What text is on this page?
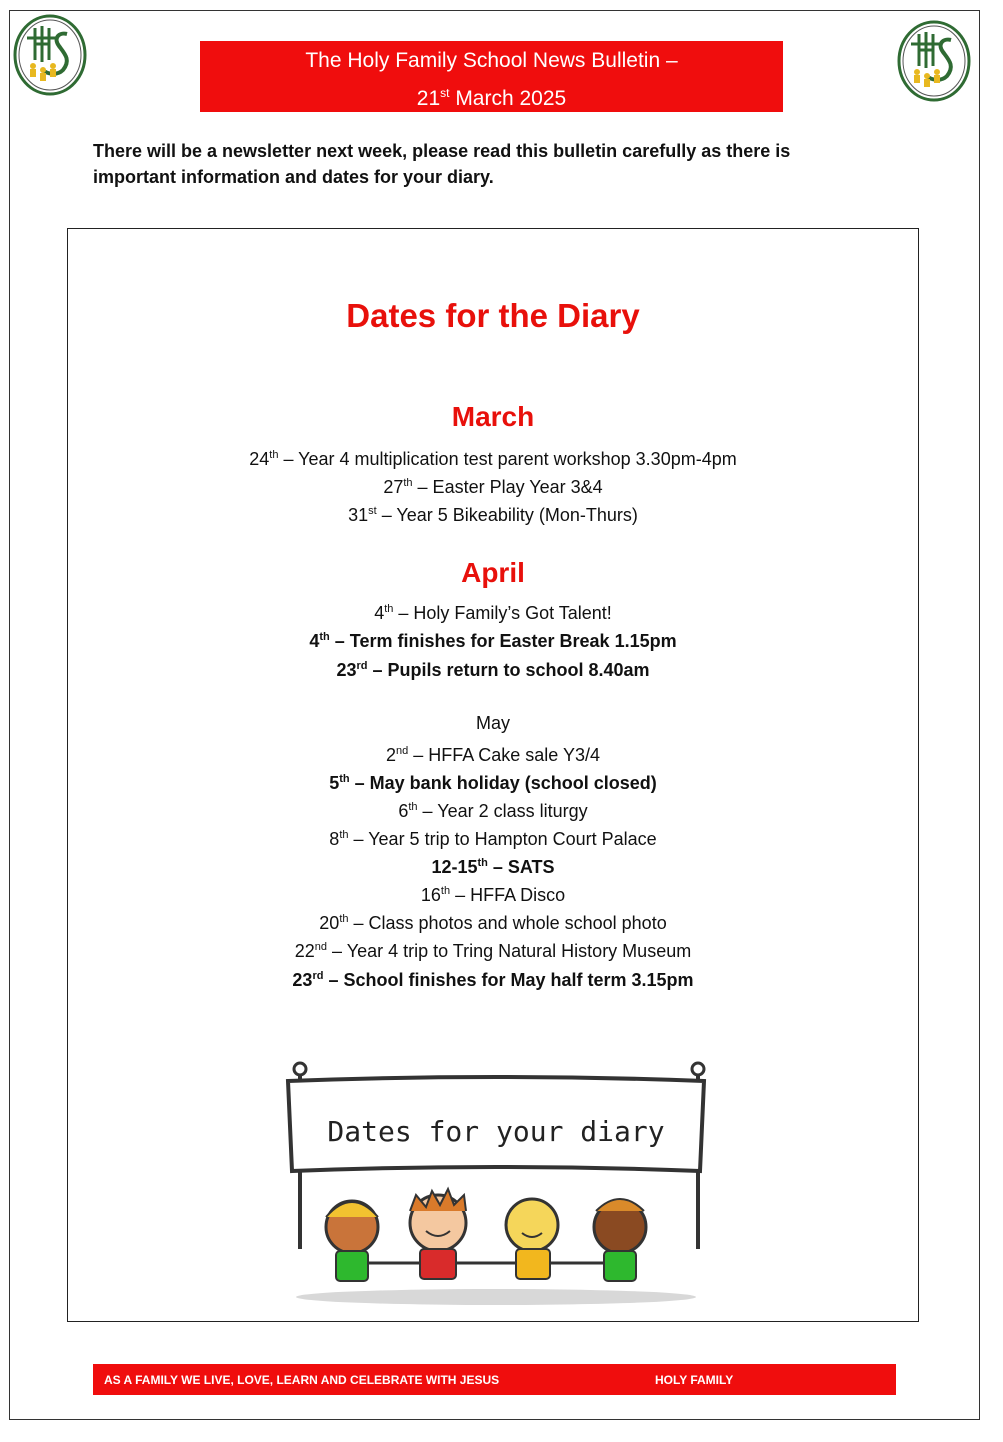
The Holy Family School News Bulletin –
21st March 2025
There will be a newsletter next week, please read this bulletin carefully as there is important information and dates for your diary.
Dates for the Diary
March
24th – Year 4 multiplication test parent workshop 3.30pm-4pm
27th – Easter Play Year 3&4
31st – Year 5 Bikeability (Mon-Thurs)
April
4th – Holy Family’s Got Talent!
4th – Term finishes for Easter Break 1.15pm
23rd – Pupils return to school 8.40am
May
2nd – HFFA Cake sale Y3/4
5th – May bank holiday (school closed)
6th – Year 2 class liturgy
8th – Year 5 trip to Hampton Court Palace
12-15th – SATS
16th – HFFA Disco
20th – Class photos and whole school photo
22nd – Year 4 trip to Tring Natural History Museum
23rd – School finishes for May half term 3.15pm
Dates for your diary
AS A FAMILY WE LIVE, LOVE, LEARN AND CELEBRATE WITH JESUS	HOLY FAMILY
